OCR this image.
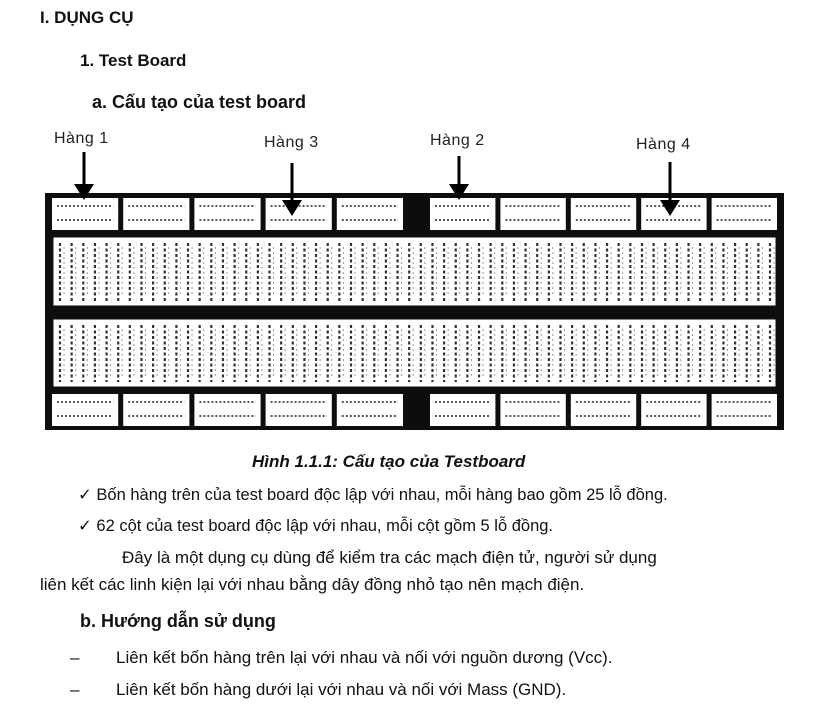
I. DỤNG CỤ
1. Test Board
a. Cấu tạo của test board
Hàng 1	Hàng 3	Hàng 2	Hàng 4
Hình 1.1.1: Cấu tạo của Testboard
✓ Bốn hàng trên của test board độc lập với nhau, mỗi hàng bao gồm 25 lỗ đồng.
✓ 62 cột của test board độc lập với nhau, mỗi cột gồm 5 lỗ đồng.
Đây là một dụng cụ dùng để kiểm tra các mạch điện tử, người sử dụng
liên kết các linh kiện lại với nhau bằng dây đồng nhỏ tạo nên mạch điện.
b. Hướng dẫn sử dụng
– Liên kết bốn hàng trên lại với nhau và nối với nguồn dương (Vcc).
– Liên kết bốn hàng dưới lại với nhau và nối với Mass (GND).
